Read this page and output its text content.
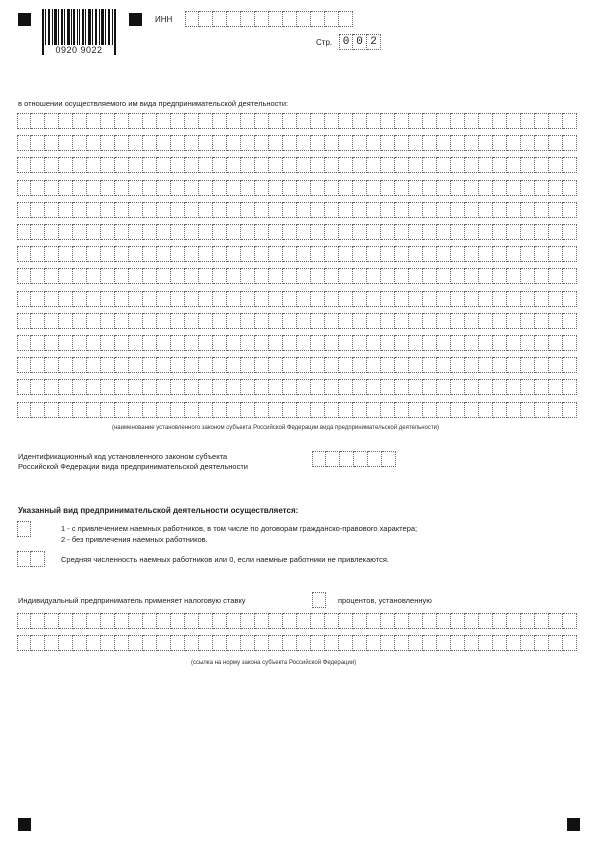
0920 9022
ИНН
Стр. 0 0 2
в отношении осуществляемого им вида предпринимательской деятельности:
(наименование установленного законом субъекта Российской Федерации вида предпринимательской деятельности)
Идентификационный код установленного законом субъекта
Российской Федерации вида предпринимательской деятельности
Указанный вид предпринимательской деятельности осуществляется:
1 - с привлечением наемных работников, в том числе по договорам гражданско-правового характера;
2 - без привлечения наемных работников.
Средняя численность наемных работников или 0, если наемные работники не привлекаются.
Индивидуальный предприниматель применяет налоговую ставку	процентов, установленную
(ссылка на норму закона субъекта Российской Федерации)
